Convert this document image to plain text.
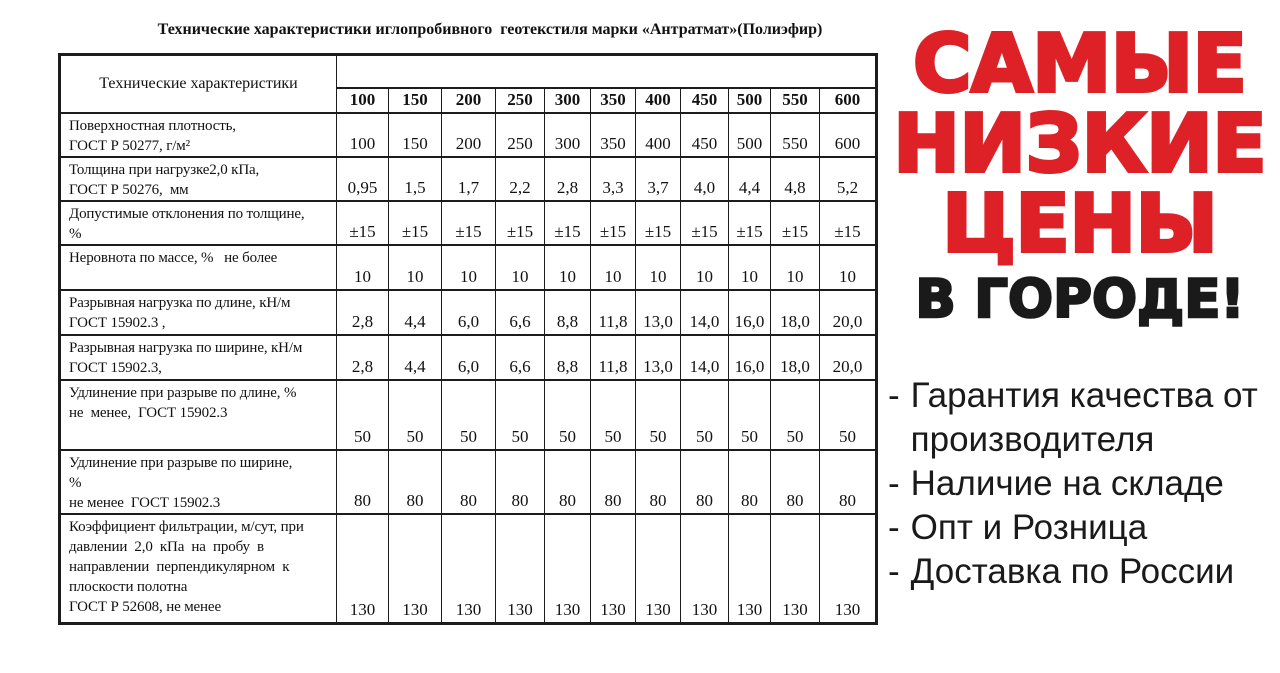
Технические характеристики иглопробивного  геотекстиля марки «Антратмат»(Полиэфир)
Технические характеристики											
	100	150	200	250	300	350	400	450	500	550	600

Поверхностная плотность,
ГОСТ Р 50277, г/м²	100	150	200	250	300	350	400	450	500	550	600

Толщина при нагрузке2,0 кПа,
ГОСТ Р 50276,  мм	0,95	1,5	1,7	2,2	2,8	3,3	3,7	4,0	4,4	4,8	5,2

Допустимые отклонения по толщине,
%	±15	±15	±15	±15	±15	±15	±15	±15	±15	±15	±15

Неровнота по массе, %   не более	10	10	10	10	10	10	10	10	10	10	10

Разрывная нагрузка по длине, кН/м
ГОСТ 15902.3 ,	2,8	4,4	6,0	6,6	8,8	11,8	13,0	14,0	16,0	18,0	20,0

Разрывная нагрузка по ширине, кН/м
ГОСТ 15902.3,	2,8	4,4	6,0	6,6	8,8	11,8	13,0	14,0	16,0	18,0	20,0

Удлинение при разрыве по длине, %
не  менее,  ГОСТ 15902.3	50	50	50	50	50	50	50	50	50	50	50

Удлинение при разрыве по ширине,
%
не менее  ГОСТ 15902.3	80	80	80	80	80	80	80	80	80	80	80

Коэффициент фильтрации, м/сут, при
давлении  2,0  кПа  на  пробу  в
направлении  перпендикулярном  к
плоскости полотна
ГОСТ Р 52608, не менее	130	130	130	130	130	130	130	130	130	130	130
САМЫЕ
НИЗКИЕ
ЦЕНЫ
В ГОРОДЕ!
- Гарантия качества от производителя
- Наличие на складе
- Опт и Розница
- Доставка по России
